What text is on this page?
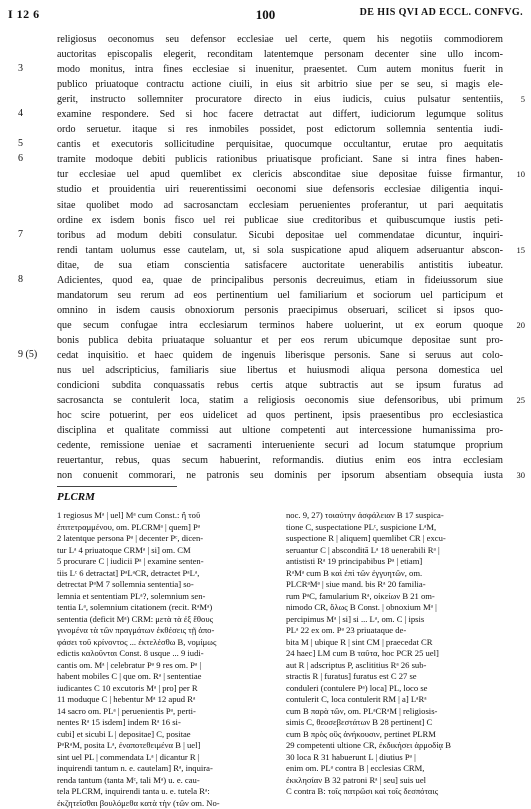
I 12 6	100	DE HIS QVI AD ECCL. CONFVG.
religiosus oeconomus seu defensor ecclesiae uel certe, quem his negotiis commodiorem
auctoritas episcopalis elegerit, reconditam latentemque personam decenter sine ullo incom-
modo monitus, intra fines ecclesiae si inuenitur, praesentet. Cum autem monitus fuerit in
publico priuatoque contractu actione ciuili, in eius sit arbitrio siue per se seu, si magis ele-
gerit, instructo sollemniter procuratore directo in eius iudicis, cuius pulsatur sententiis,
examine respondere. Sed si hoc facere detractat aut differt, iudiciorum legumque solitus
ordo seruetur. itaque si res inmobiles possidet, post edictorum sollemnia sententia iudi-
cantis et executoris sollicitudine perquisitae, quocumque occultantur, erutae pro aequitatis
tramite modoque debiti publicis rationibus priuatisque proficiant. Sane si intra fines haben-
tur ecclesiae uel apud quemlibet ex clericis absconditae siue depositae fuisse firmantur,
studio et prouidentia uiri reuerentissimi oeconomi siue defensoris ecclesiae diligentia inqui-
sitae quolibet modo ad sacrosanctam ecclesiam peruenientes proferantur, ut pari aequitatis
ordine ex isdem bonis fisco uel rei publicae siue creditoribus et quibuscumque iustis peti-
toribus ad modum debiti consulatur. Sicubi depositae uel commendatae dicuntur, inquiri-
rendi tantam uolumus esse cautelam, ut, si sola suspicatione apud aliquem adseruantur abscon-
ditae, de sua etiam conscientia satisfacere auctoritate uenerabilis antistitis iubeatur.
Adicientes, quod ea, quae de principalibus personis decreuimus, etiam in fideiussorum siue
mandatorum seu rerum ad eos pertinentium uel familiarium et sociorum uel participum et
omnino in isdem causis obnoxiorum personis praecipimus obseruari, scilicet si ipsos quo-
que secum confugae intra ecclesiarum terminos habere uoluerint, ut ex eorum quoque
bonis publica debita priuataque soluantur et per eos rerum ubicumque depositae sunt pro-
cedat inquisitio. et haec quidem de ingenuis liberisque personis. Sane si seruus aut colo-
nus uel adscripticius, familiaris siue libertus et huiusmodi aliqua persona domestica uel
condicioni subdita conquassatis rebus certis atque subtractis aut se ipsum furatus ad
sacrosancta se contulerit loca, statim a religiosis oeconomis siue defensoribus, ubi primum
hoc scire potuerint, per eos uidelicet ad quos pertinent, ipsis praesentibus pro ecclesiastica
disciplina et qualitate commissi aut ultione competenti aut intercessione humanissima pro-
cedente, remissione ueniae et sacramenti interueniente securi ad locum statumque proprium
reuertantur, rebus, quas secum habuerint, reformandis. diutius enim eos intra ecclesiam
non conuenit commorari, ne patronis seu dominis per ipsorum absentiam obsequia iusta
3
4
5
6
7
8
9 (5)
5
10
15
20
25
30
PLCRM
1 regiosus Mᵃ | uel] Mᵃ cum Const.: ἢ τοῦ
ἐπιτετραμμένου, om. PLCRMᵃ | quem] Pᵃ
2 latentque persona Pᵃ | decenter Pᶜ, dicen-
tur Lᵃ 4 priuatoque CRMᵃ | si] om. CM
5 procurare C | iudicii Pᵃ | examine senten-
tiis Lᶜ 6 detractat] PᵃLᵃCR, detractet PᵃLᵃ,
detrectat PᵃM 7 sollemnia sententia] so-
lemnia et sententiam PLᵃ?, solemnium sen-
tentia Lᵃ, solemnium citationem (recit. RᵃMᵃ)
sententia (deficit Mᵃ) CRM: μετὰ τὰ ἐξ ἔθους
γινομένα τὰ τῶν πραγμάτων ἐκθέσεις τῇ ἀπο-
φάσει τοῦ κρίνοντος ... ἐκτελέσθω B, νομίμως
edictis καλοῦνται Const. 8 usque ... 9 iudi-
cantis om. Mᵃ | celebratur Pᵃ 9 res om. Pᵃ |
habent mobiles C | que om. Rᵃ | sententiae
iudicantes C 10 excutoris Mᵃ | pro] per R
11 moduque C | hebentur Mᵃ 12 apud Rᵃ
14 sacro om. PLᵃ | peruenientis Pᵃ, perti-
nentes Rᵃ 15 isdem] indem Rᵃ 16 si-
cubi] et sicubi L | depositae] C, positae
PᵃRᵃM, posita Lᵃ, ἐναποτεθειμένα B | uel]
sint uel PL | commendata Lᵃ | dicantur R |
inquirendi tantum n. e. cautelam] Rᵃ, inquira-
renda tantum (tanta Mᶜ, tali Mᵃ) u. e. cau-
tela PLCRM, inquirendi tanta u. e. tutela Rᵃ:
ἐκζητεῖσθαι βουλόμεθα κατὰ τὴν (τῶν om. No-
noc. 9, 27) τοιαύτην ἀσφάλειαν B 17 suspica-
tione C, suspectatione PLᶜ, suspicione LᵃM,
suspectione R | aliquem] quemlibet CR | excu-
seruantur C | absconditā Lᵃ 18 uenerabili Rᵃ |
antististi Rᵃ 19 principabibus Pᵃ | etiam]
RᵃMᵃ cum B καὶ ἐπὶ τῶν ἐγγυητῶν, om.
PLCRᵃMᵃ | siue mand. bis Rᵃ 20 familia-
rum PᵃC, famularium Rᵃ, οἰκείων B 21 om-
nimodo CR, ὅλως B Const. | obnoxium Mᵃ |
percipimus Mᵃ | si] si ... Lᵃ, om. C | ipsis
PLᵃ 22 ex om. Pᵃ 23 priuataque de-
bita M | ubique R | sint CM | praecedat CR
24 haec] LM cum B ταῦτα, hoc PCR 25 uel]
aut R | adscriptus P, asclititius Rᵃ 26 sub-
stractis R | furatus] furatus est C 27 se
conduleri (contulere Pᵃ) loca] PL, loco se
contulerit C, loca contulerit RM | a] LᵃRᵃ
cum B παρὰ τῶν, om. PLᵃCRᵃM | religiosis-
simis C, θεοσεβεστάτων B 28 pertinent] C
cum B πρὸς οὓς ἀνήκουσιν, pertinet PLRM
29 competenti ultione CR, ἐκδικήσει ἁρμοδίᾳ B
30 loca R 31 habuerunt L | diutius Pᵃ |
enim om. PLᵃ contra B | ecclesias CRM,
ἐκκλησίαν B 32 patroni Rᵃ | seu] suis uel
C contra B: τοῖς πατρῶσι καὶ τοῖς δεσπόταις
